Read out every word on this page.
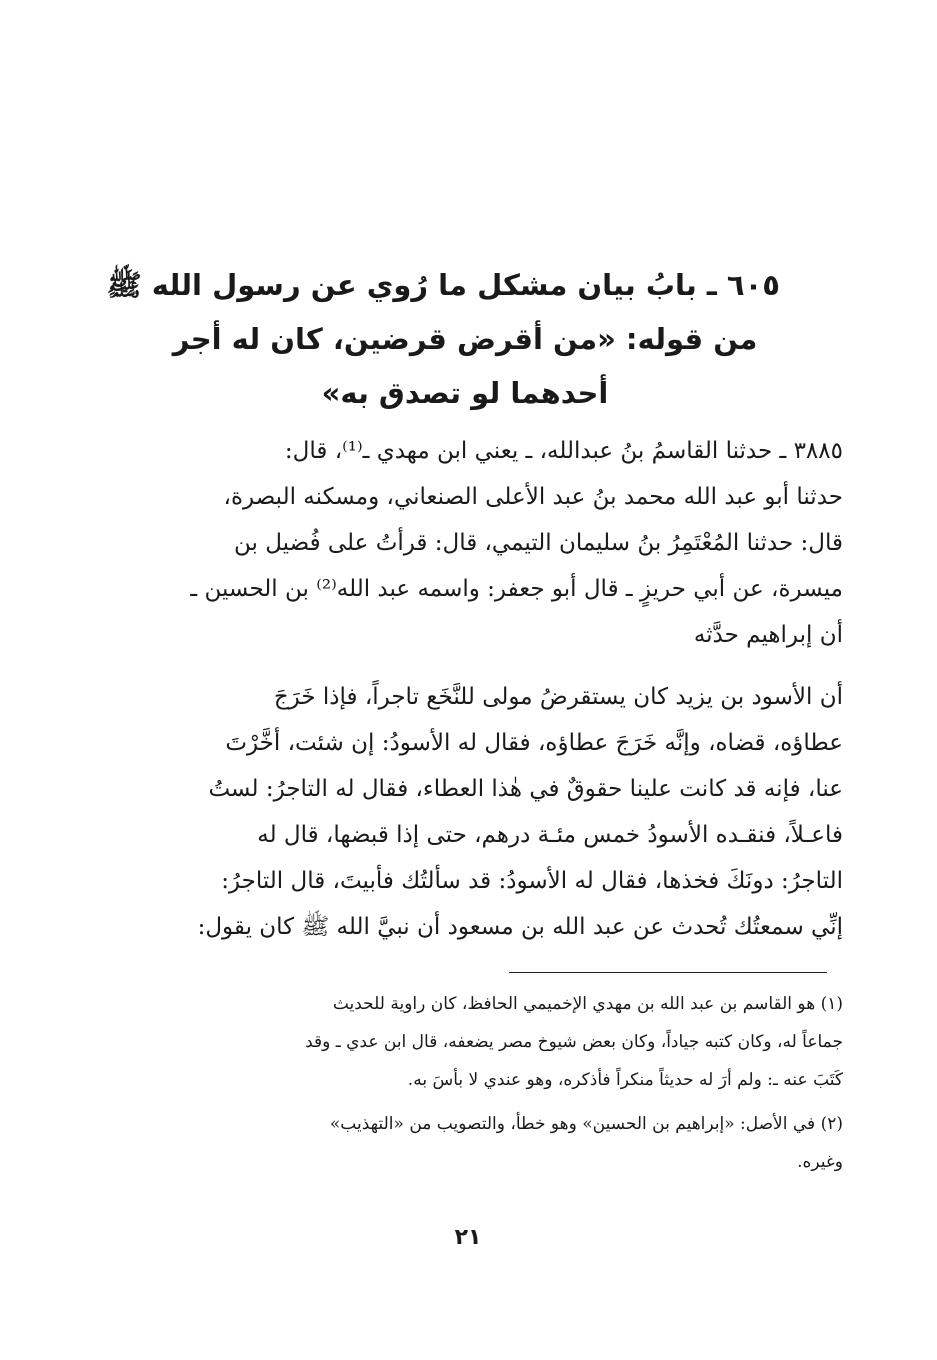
٦٠٥ ـ بابُ بيان مشكل ما رُوي عن رسول الله ﷺ
من قوله: «من أقرض قرضين، كان له أجر
أحدهما لو تصدق به»
٣٨٨٥ ـ حدثنا القاسمُ بنُ عبدالله، ـ يعني ابن مهدي ـ⁽¹⁾، قال:
حدثنا أبو عبد الله محمد بنُ عبد الأعلى الصنعاني، ومسكنه البصرة،
قال: حدثنا المُعْتَمِرُ بنُ سليمان التيمي، قال: قرأتُ على فُضيل بن
ميسرة، عن أبي حريزٍ ـ قال أبو جعفر: واسمه عبد الله⁽²⁾ بن الحسين ـ
أن إبراهيم حدَّثه
أن الأسود بن يزيد كان يستقرضُ مولى للنَّخَع تاجراً، فإذا خَرَجَ
عطاؤه، قضاه، وإنَّه خَرَجَ عطاؤه، فقال له الأسودُ: إن شئت، أخَّرْتَ
عنا، فإنه قد كانت علينا حقوقٌ في هٰذا العطاء، فقال له التاجرُ: لستُ
فاعـلاً، فنقـده الأسودُ خمس مئـة درهم، حتى إذا قبضها، قال له
التاجرُ: دونَكَ فخذها، فقال له الأسودُ: قد سألتُك فأبيتَ، قال التاجرُ:
إنِّي سمعتُك تُحدث عن عبد الله بن مسعود أن نبيَّ الله ﷺ كان يقول:
(١) هو القاسم بن عبد الله بن مهدي الإخميمي الحافظ، كان راوية للحديث
جماعاً له، وكان كتبه جياداً، وكان بعض شيوخ مصر يضعفه، قال ابن عدي ـ وقد
كَتَبَ عنه ـ: ولم أرَ له حديثاً منكراً فأذكره، وهو عندي لا بأسَ به.
(٢) في الأصل: «إبراهيم بن الحسين» وهو خطأ، والتصويب من «التهذيب»
وغيره.
٢١
